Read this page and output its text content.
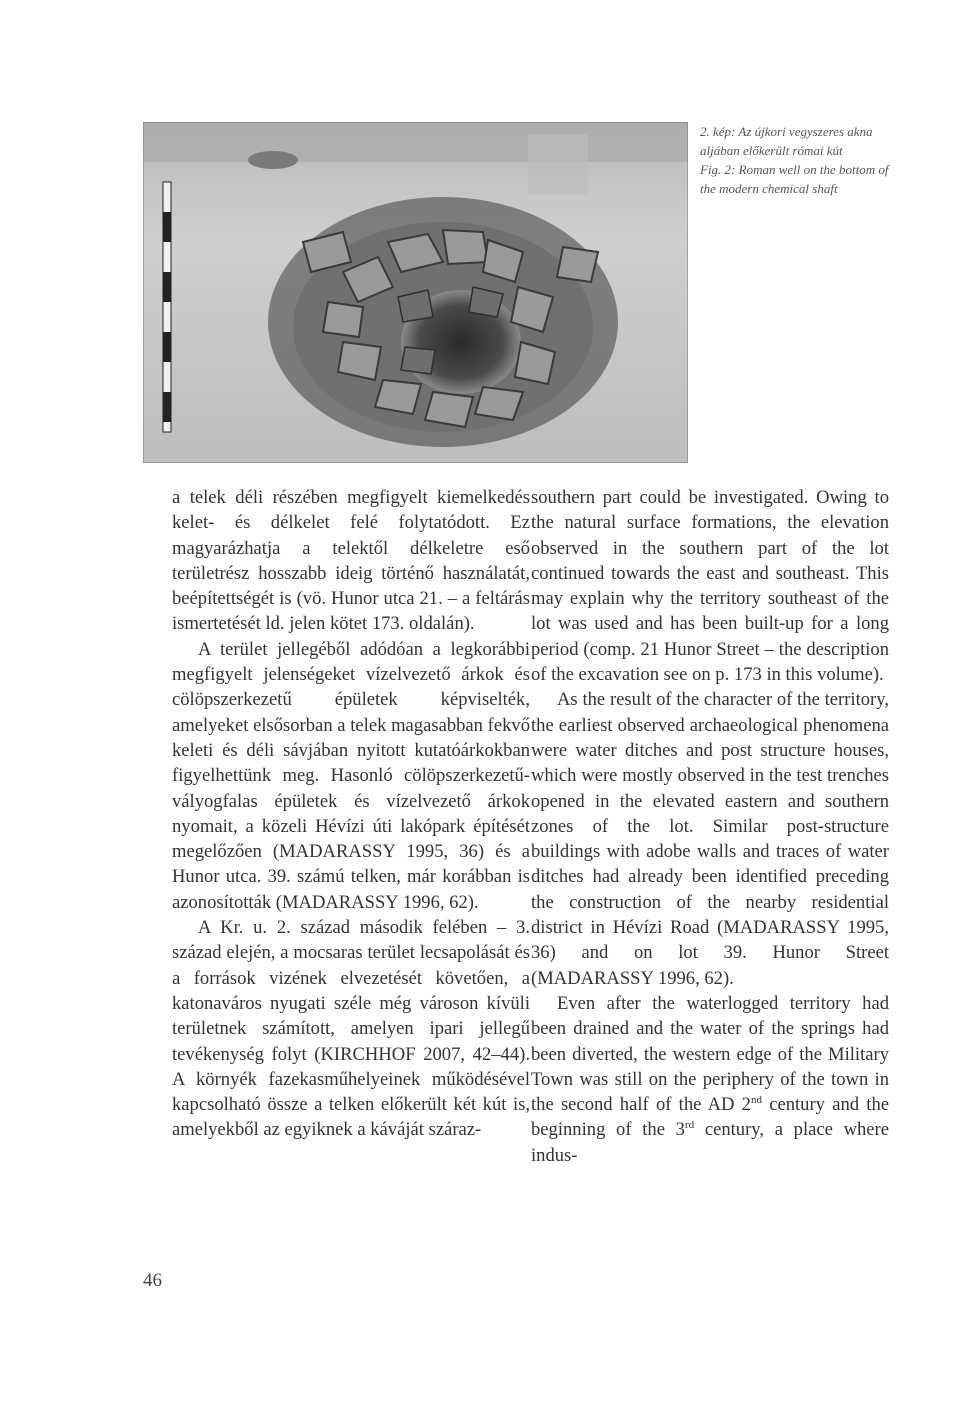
2. kép: Az újkori vegyszeres akna aljában előkerült római kút

Fig. 2: Roman well on the bottom of the modern chemical shaft

a telek déli részében megfigyelt kiemelkedés kelet- és délkelet felé folytatódott. Ez magyarázhatja a telektől délkeletre eső területrész hosszabb ideig történő használatát, beépítettségét is (vö. Hunor utca 21. – a feltárás ismertetését ld. jelen kötet 173. oldalán).

A terület jellegéből adódóan a legkorábbi megfigyelt jelenségeket vízelvezető árkok és cölöpszerkezetű épületek képviselték, amelyeket elsősorban a telek magasabban fekvő keleti és déli sávjában nyitott kutatóárkokban figyelhettünk meg. Hasonló cölöpszerkezetű-vályogfalas épületek és vízelvezető árkok nyomait, a közeli Hévízi úti lakópark építését megelőzően (MADARASSY 1995, 36) és a Hunor utca. 39. számú telken, már korábban is azonosították (MADARASSY 1996, 62).

A Kr. u. 2. század második felében – 3. század elején, a mocsaras terület lecsapolását és a források vizének elvezetését követően, a katonaváros nyugati széle még városon kívüli területnek számított, amelyen ipari jellegű tevékenység folyt (KIRCHHOF 2007, 42–44). A környék fazekasműhelyeinek működésével kapcsolható össze a telken előkerült két kút is, amelyekből az egyiknek a káváját száraz-

southern part could be investigated. Owing to the natural surface formations, the elevation observed in the southern part of the lot continued towards the east and southeast. This may explain why the territory southeast of the lot was used and has been built-up for a long period (comp. 21 Hunor Street – the description of the excavation see on p. 173 in this volume).

As the result of the character of the territory, the earliest observed archaeological phenomena were water ditches and post structure houses, which were mostly observed in the test trenches opened in the elevated eastern and southern zones of the lot. Similar post-structure buildings with adobe walls and traces of water ditches had already been identified preceding the construction of the nearby residential district in Hévízi Road (MADARASSY 1995, 36) and on lot 39. Hunor Street (MADARASSY 1996, 62).

Even after the waterlogged territory had been drained and the water of the springs had been diverted, the western edge of the Military Town was still on the periphery of the town in the second half of the AD 2nd century and the beginning of the 3rd century, a place where indus-

46
